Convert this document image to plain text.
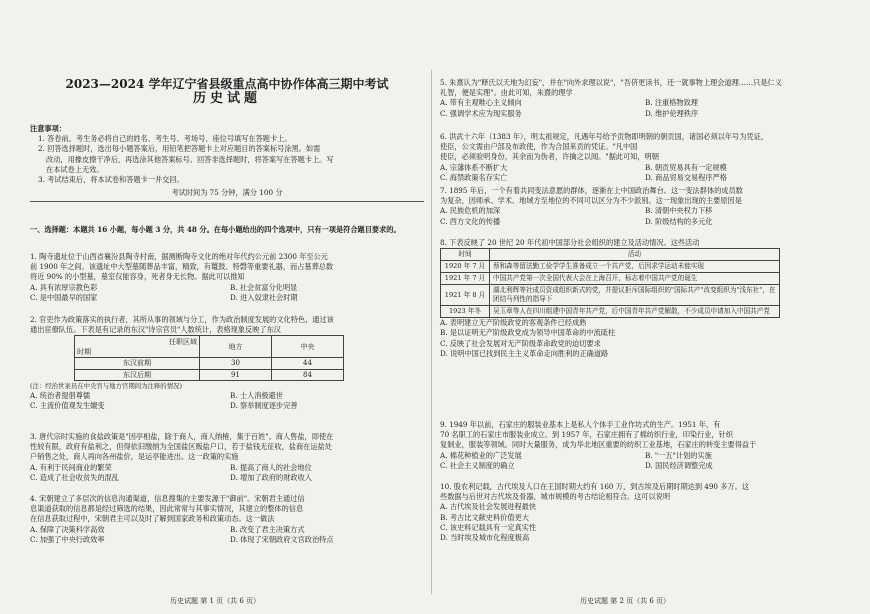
2023—2024 学年辽宁省县级重点高中协作体高三期中考试
历史试题

注意事项：

1. 答卷前，考生务必将自己的姓名、考生号、考场号、座位号填写在答题卡上。

2. 回答选择题时，选出每小题答案后，用铅笔把答题卡上对应题目的答案标号涂黑。如需

改动，用橡皮擦干净后，再选涂其他答案标号。回答非选择题时，将答案写在答题卡上。写

在本试卷上无效。

3. 考试结束后，将本试卷和答题卡一并交回。

考试时间为 75 分钟，满分 100 分

一、选择题：本题共 16 小题，每小题 3 分，共 48 分。在每小题给出的四个选项中，只有一项是符合题目要求的。

1. 陶寺遗址位于山西省襄汾县陶寺村南，据测断陶寺文化的绝对年代约公元前 2300 年至公元

前 1900 年之间。该遗址中大型墓随葬品丰富，精致，有鼍鼓、特磬等重要礼器，而占墓葬总数

将近 90% 的小型墓，墓室仅能容身，死者身无长物。据此可以推知

A. 具有浓厚宗教色彩	B. 社会贫富分化明显
C. 是中国最早的国家	D. 进入奴隶社会时期

2. 官吏作为政策落实的执行者，其所从事的领域与分工，作为政治制度发展的文化特色，通过该

通出宦僚队伍。下表是有记录的东汉"诗宗官员"人数统计，表格现象反映了东汉

任职区域
时期	地方	中央
东汉前期	30	44
东汉后期	91	84

(注：经治世案员在中央官与地方官期间为注释的情况)

A. 统治者提倡尊儒	B. 士人消极避世
C. 主流价值观发生嬗变	D. 察举制度逐步完善

3. 唐代宗时实施的食盐政策是"因亭相盐，除于商人，商人纳榷，集于百姓"。商人售盐，即使在

性较有限，政府有盐利之，但得依旧缴纳为全国盐区贩盐户口，若于盐钱无征收，盐商在运盐处

户销售之处，商人再向各州盐价，是运亭能进出。这一政策的实施

A. 有利于民间商业的繁荣	B. 提高了商人的社会地位
C. 造成了社会收贫失的混乱	D. 增加了政府的财政收入

4. 宋朝建立了多层次的信息沟通渠道，信息搜集的主要发源于"御前"。宋朝君主通过信

息渠道获取的信息都是经过筛选的结果，因此常常与其事实情况，其建立的整体的信息

在信息获取过程中，宋朝君主可以及时了解到国家政务和政策动态。这一做法

A. 保障了决策科学高效	B. 改变了君主决策方式
C. 加强了中央行政效率	D. 体现了宋朝政府文官政治特点
历史试题 第 1 页（共 6 页）

5. 朱熹认为"释氏以天地为幻妄"，并在"向外求理以说"，"吾侪更读书，还一就事物上理会道理……只是仁义

礼智，便是实理"。由此可知，朱熹的理学

A. 带有主观唯心主义倾向	B. 注重格物致理
C. 强调学术应为现实服务	D. 维护伦理秩序

6. 洪武十六年（1383 年），明太祖规定，凡遇年号给予贡物即明朝的朝贡国，诸国必须以年号为凭证，

使臣，公文需由户部及布政使，作为合国来贡的凭证。"凡中国

使臣，必须验明身份，其余而为伪者，许擒之以闻。"据此可知，明朝

A. 宗藩体系不断扩大	B. 朝贡贸易具有一定规模
C. 海禁政策名存实亡	D. 商品贸易交易程序严格

7. 1895 年后，一个有着共同变法意愿的群体，逐渐在上中国政治舞台。这一变法群体的成员数

为复杂，因师承、学术、地域方至地位的不同可以区分为不少派别。这一现象出现的主要原因是

A. 民族危机的加深	B. 清朝中央权力下移
C. 西方文化的传播	D. 阶级结构的多元化

8. 下表反映了 20 世纪 20 年代初中国部分社会组织的建立及活动情况。这些活动

时间	活动
1920 年 7 月	蔡和森等留法勤工俭学学生准备成立一个共产党，后因求学运动未能实现
1921 年 7 月	中国共产党第一次全国代表大会在上海召开，标志着中国共产党的诞生
1921 年 8 月	湖北利辉等社成员资成组织新式的党，并提议拒斥国际组织的"国际共产"改变组织为"浅东社"，在团结马列性的指导下
1923 年冬	吴玉章等人在四川组建中国青年共产党，后中国青年共产党解散，不少成员申请加入中国共产党

A. 表明建立无产阶级政党的客观条件已经成熟

B. 是以证明无产阶级政党成为领导中国革命的中流砥柱

C. 反映了社会发展对无产阶级革命政党的迫切要求

D. 说明中国已找到民主主义革命走向胜利的正确道路

9. 1949 年以前，石家庄的服装业基本上是私人个体手工业作坊式的生产。1951 年，有

70 名职工的石家庄市服装业成立。到 1957 年，石家庄拥有了棉纺织行业，印染行业，针织

复制业，服装等领域。同时大量服务，成为华北地区重要的纺织工业基地，石家庄的转变主要得益于

A. 棉花种植业的广泛发展	B. "一五"计划的实施
C. 社会主义制度的确立	D. 国民经济调整完成

10. 股农利记载，古代埃及人口在王国时期大约有 160 万，到古埃及后期时期达到 490 多万。这

些数据与后世对古代埃及骨器，城市规模的考古结论相符合。这可以说明

A. 古代埃及社会发展进程最快

B. 考古比文献史料价值更大

C. 该史料记载具有一定真实性

D. 当时埃及城市化程度极高

历史试题 第 2 页（共 6 页）
